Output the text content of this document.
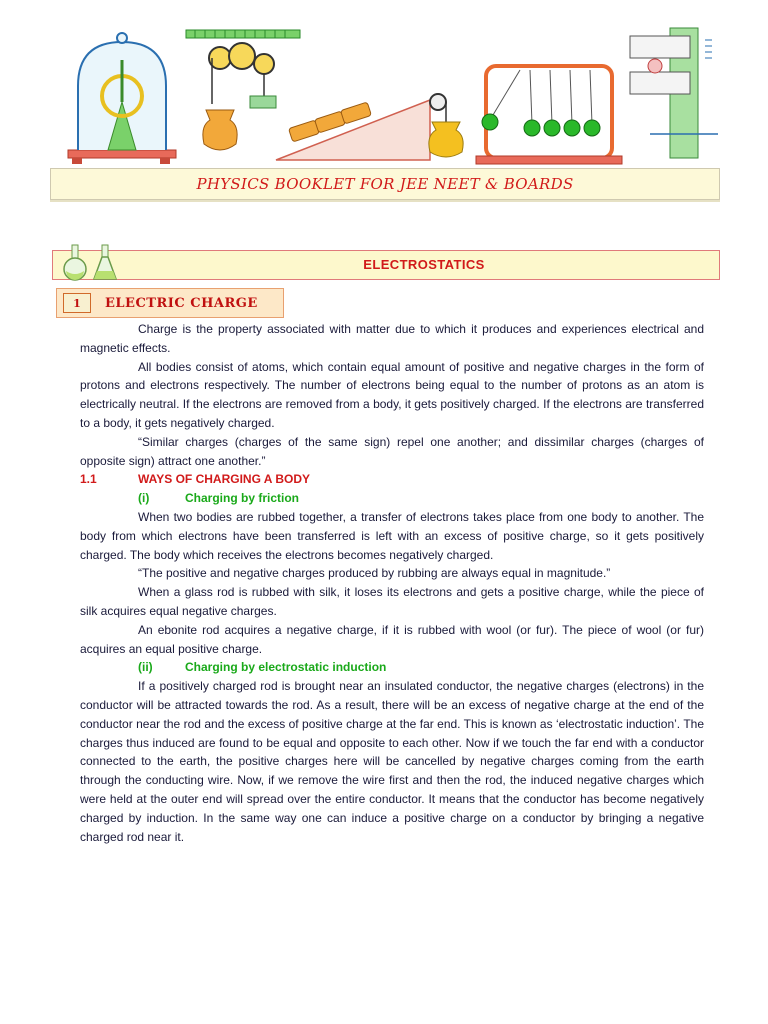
PHYSICS BOOKLET FOR JEE NEET & BOARDS
ELECTROSTATICS
1	ELECTRIC CHARGE

Charge is the property associated with matter due to which it produces and experiences electrical and magnetic effects.

All bodies consist of atoms, which contain equal amount of positive and negative charges in the form of protons and electrons respectively. The number of electrons being equal to the number of protons as an atom is electrically neutral. If the electrons are removed from a body, it gets positively charged. If the electrons are transferred to a body, it gets negatively charged.

“Similar charges (charges of the same sign) repel one another; and dissimilar charges (charges of opposite sign) attract one another.”

1.1	WAYS OF CHARGING A BODY
(i)	Charging by friction

When two bodies are rubbed together, a transfer of electrons takes place from one body to another. The body from which electrons have been transferred is left with an excess of positive charge, so it gets positively charged. The body which receives the electrons becomes negatively charged.

“The positive and negative charges produced by rubbing are always equal in magnitude.”

When a glass rod is rubbed with silk, it loses its electrons and gets a positive charge, while the piece of silk acquires equal negative charges.

An ebonite rod acquires a negative charge, if it is rubbed with wool (or fur). The piece of wool (or fur) acquires an equal positive charge.

(ii)	Charging by electrostatic induction

If a positively charged rod is brought near an insulated conductor, the negative charges (electrons) in the conductor will be attracted towards the rod. As a result, there will be an excess of negative charge at the end of the conductor near the rod and the excess of positive charge at the far end. This is known as ‘electrostatic induction’. The charges thus induced are found to be equal and opposite to each other. Now if we touch the far end with a conductor connected to the earth, the positive charges here will be cancelled by negative charges coming from the earth through the conducting wire. Now, if we remove the wire first and then the rod, the induced negative charges which were held at the outer end will spread over the entire conductor. It means that the conductor has become negatively charged by induction. In the same way one can induce a positive charge on a conductor by bringing a negative charged rod near it.
